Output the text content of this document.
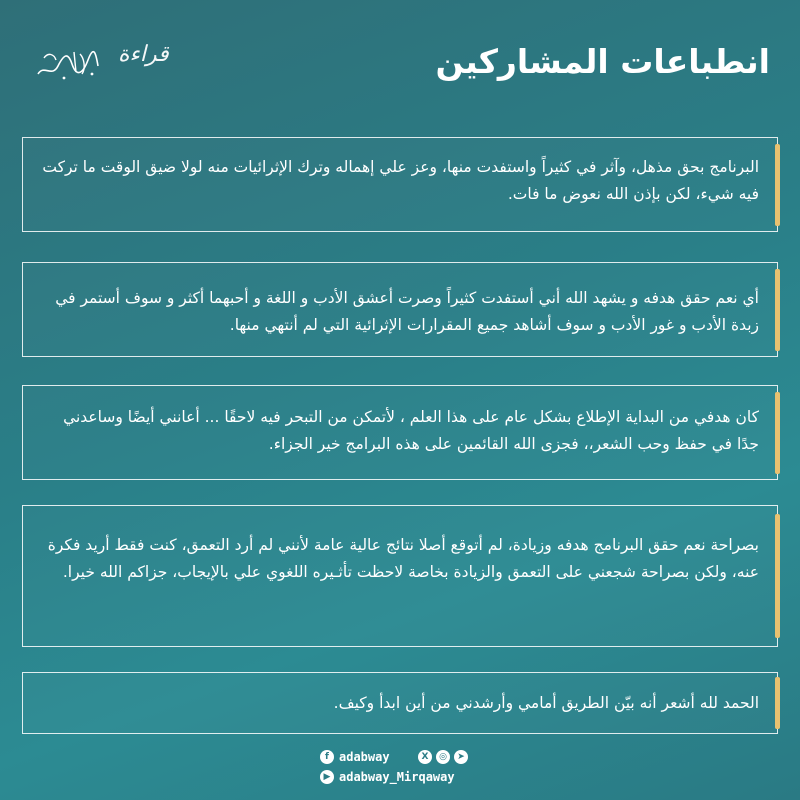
قراءة	انطباعات المشاركين
البرنامج بحق مذهل، وآثر في كثيراً واستفدت منها، وعز علي إهماله وترك الإثرائيات منه لولا ضيق الوقت ما تركت فيه شيء، لكن بإذن الله نعوض ما فات.
أي نعم حقق هدفه و يشهد الله أني أستفدت كثيراً وصرت أعشق الأدب و اللغة و أحبهما أكثر و سوف أستمر في زبدة الأدب و غور الأدب و سوف أشاهد جميع المقرارات الإثرائية التي لم أنتهي منها.
كان هدفي من البداية الإطلاع بشكل عام على هذا العلم ، لأتمكن من التبحر فيه لاحقًا ... أعانني أيضًا وساعدني جدًا في حفظ وحب الشعر،، فجزى الله القائمين على هذه البرامج خير الجزاء.
بصراحة نعم حقق البرنامج هدفه وزيادة، لم أتوقع أصلا نتائج عالية عامة لأنني لم أرد التعمق، كنت فقط أريد فكرة عنه، ولكن بصراحة شجعني على التعمق والزيادة بخاصة لاحظت تأثـيره اللغوي علي بالإيجاب، جزاكم الله خيرا.
الحمد لله أشعر أنه بيّن الطريق أمامي وأرشدني من أين ابدأ وكيف.
f adabway	X	◎	➤
▶ adabway_Mirqaway
